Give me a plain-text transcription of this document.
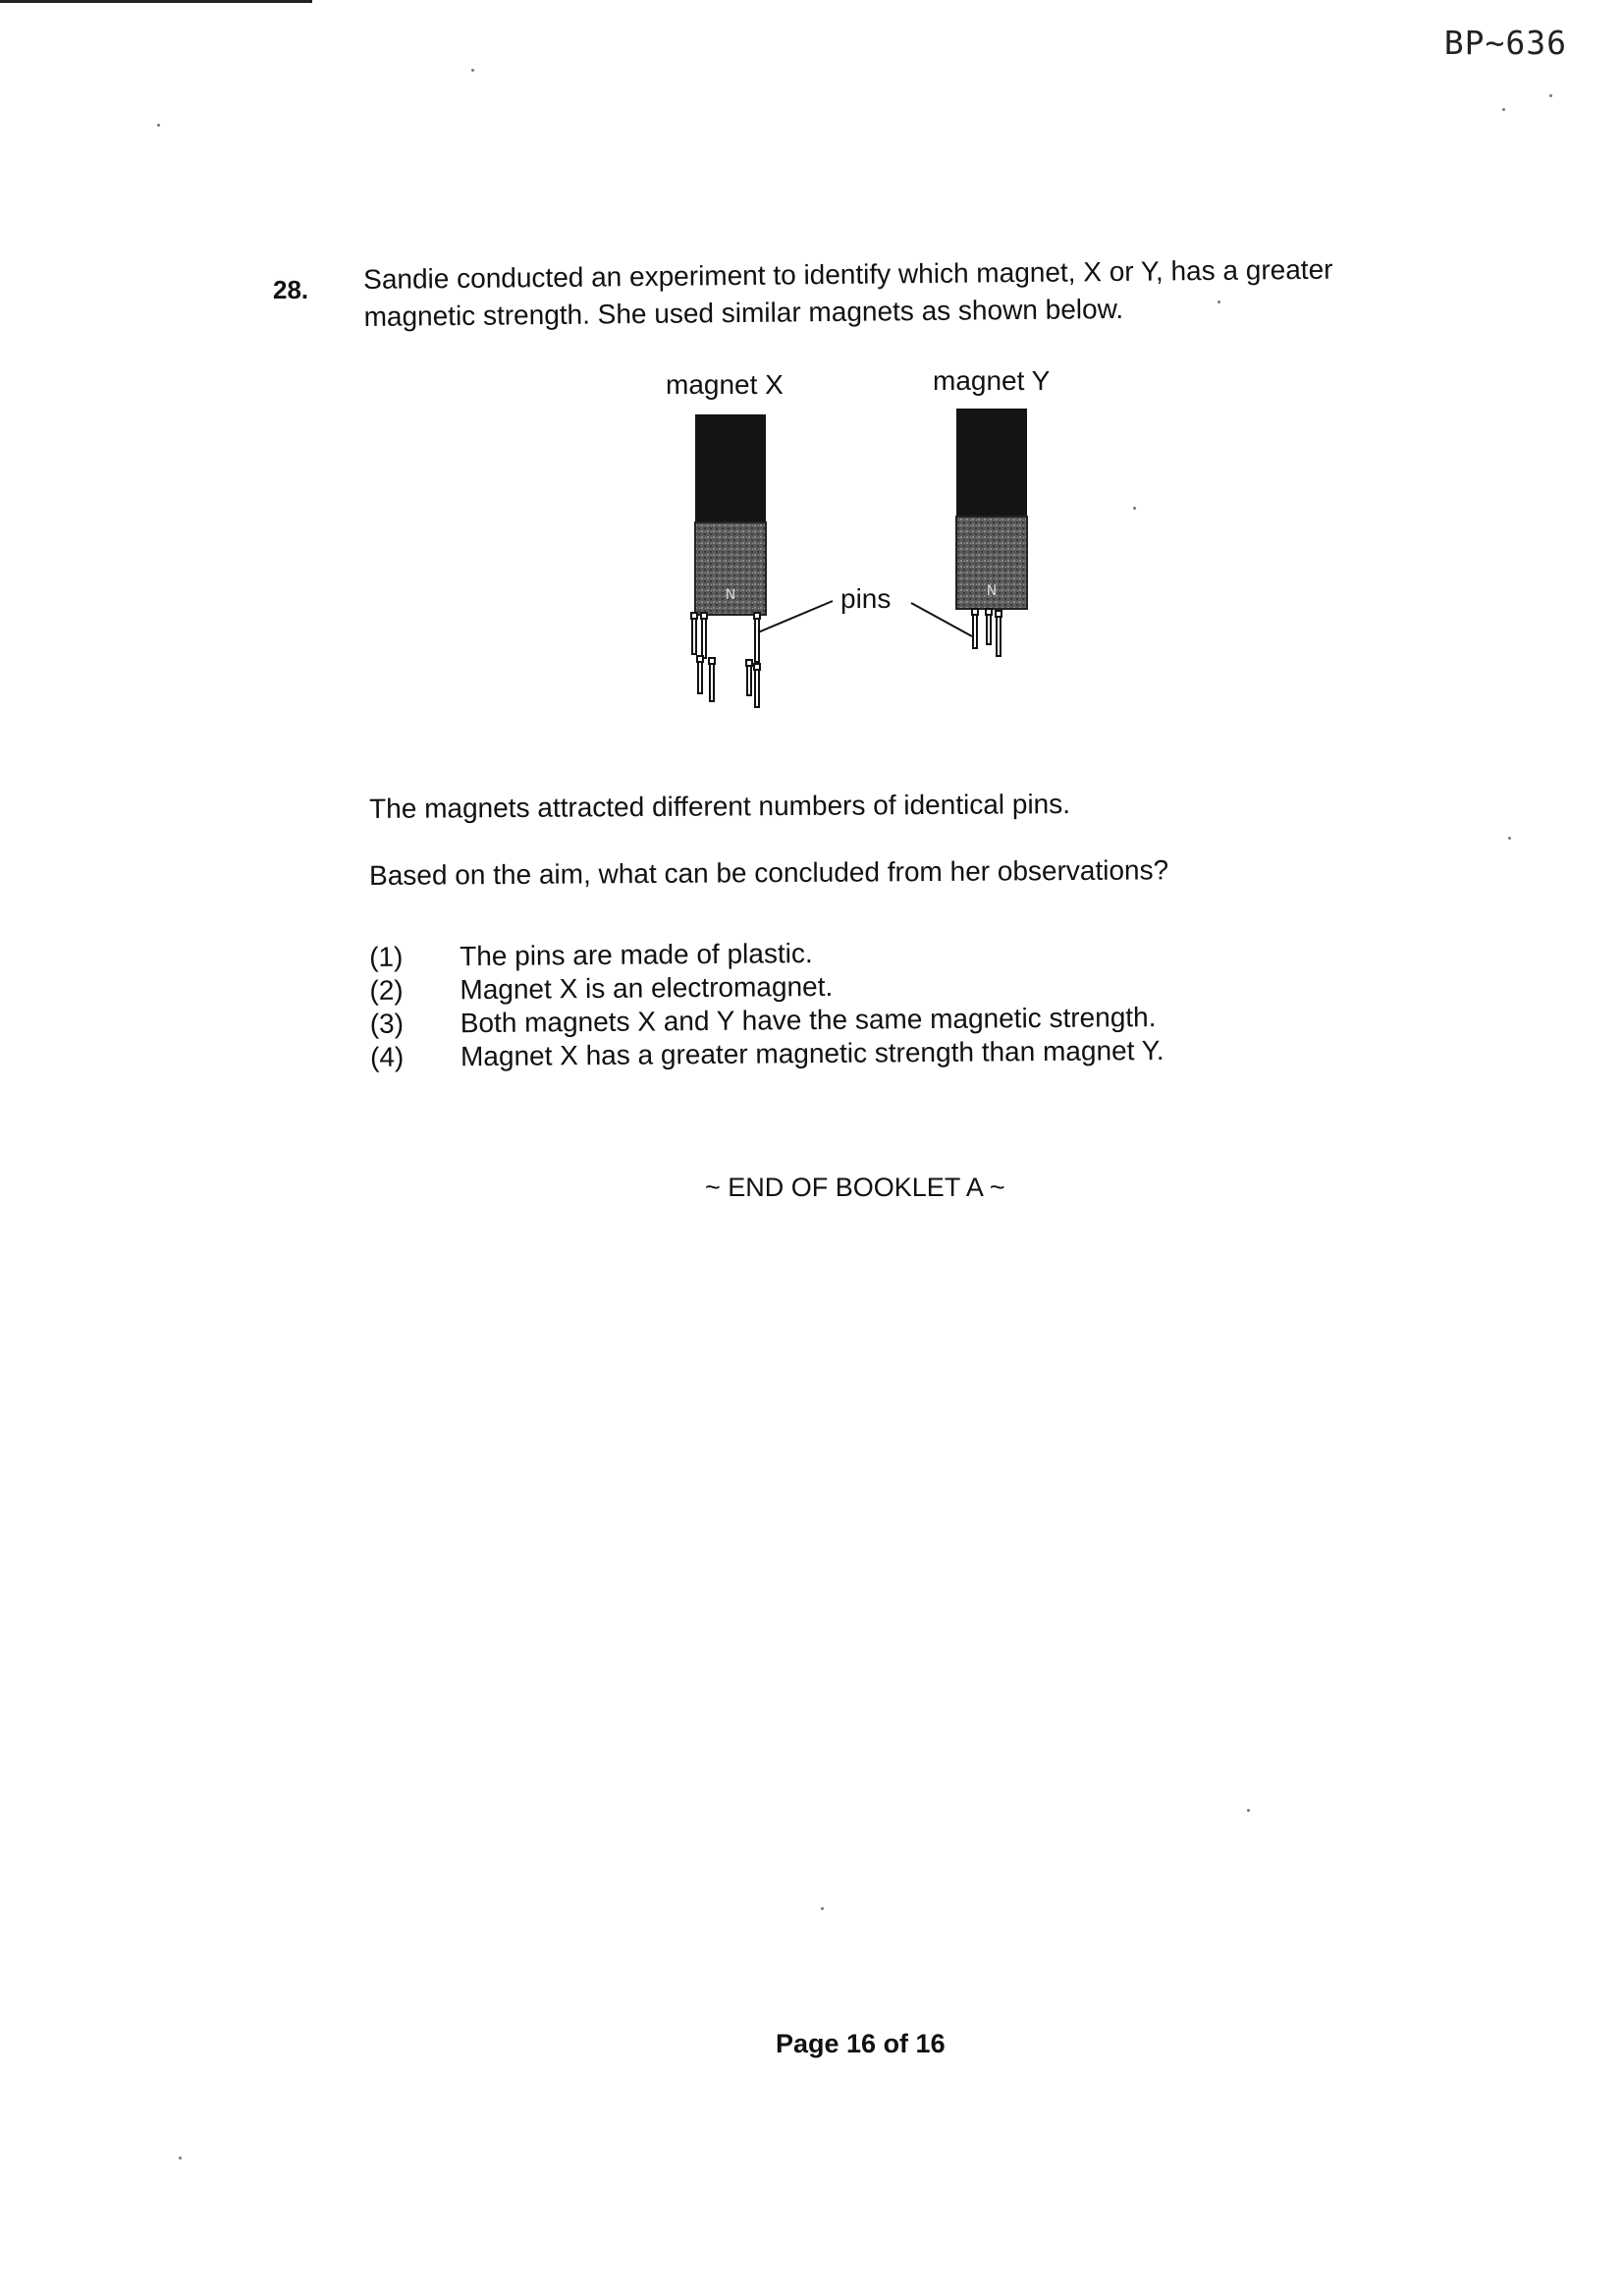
BP~636
28. Sandie conducted an experiment to identify which magnet, X or Y, has a greater magnetic strength. She used similar magnets as shown below.
magnet X	magnet Y
pins
N	N
The magnets attracted different numbers of identical pins.
Based on the aim, what can be concluded from her observations?
(1)	The pins are made of plastic.
(2)	Magnet X is an electromagnet.
(3)	Both magnets X and Y have the same magnetic strength.
(4)	Magnet X has a greater magnetic strength than magnet Y.
~ END OF BOOKLET A ~
Page 16 of 16
